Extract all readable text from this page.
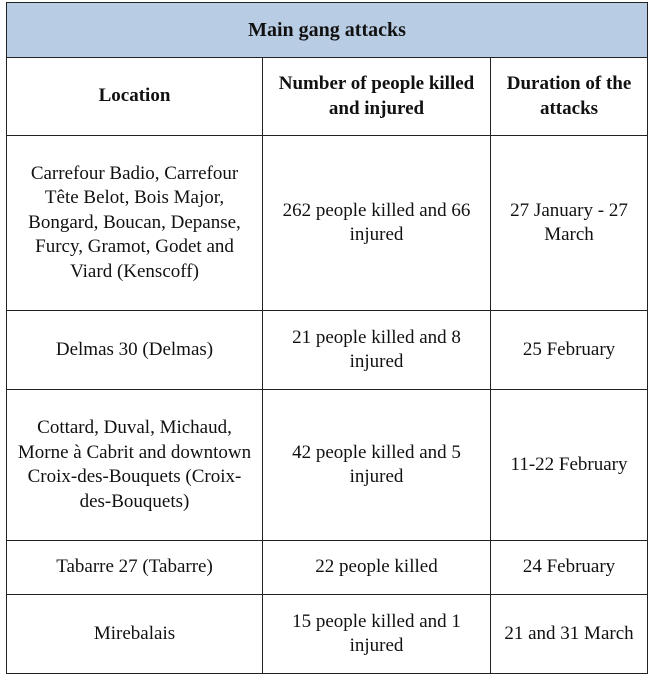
Main gang attacks		
Location	Number of people killed and injured	Duration of the attacks
Carrefour Badio, Carrefour Tête Belot, Bois Major, Bongard, Boucan, Depanse, Furcy, Gramot, Godet and Viard (Kenscoff)	262 people killed and 66 injured	27 January - 27 March
Delmas 30 (Delmas)	21 people killed and 8 injured	25 February
Cottard, Duval, Michaud, Morne à Cabrit and downtown Croix-des-Bouquets (Croix-des-Bouquets)	42 people killed and 5 injured	11-22 February
Tabarre 27 (Tabarre)	22 people killed	24 February
Mirebalais	15 people killed and 1 injured	21 and 31 March
